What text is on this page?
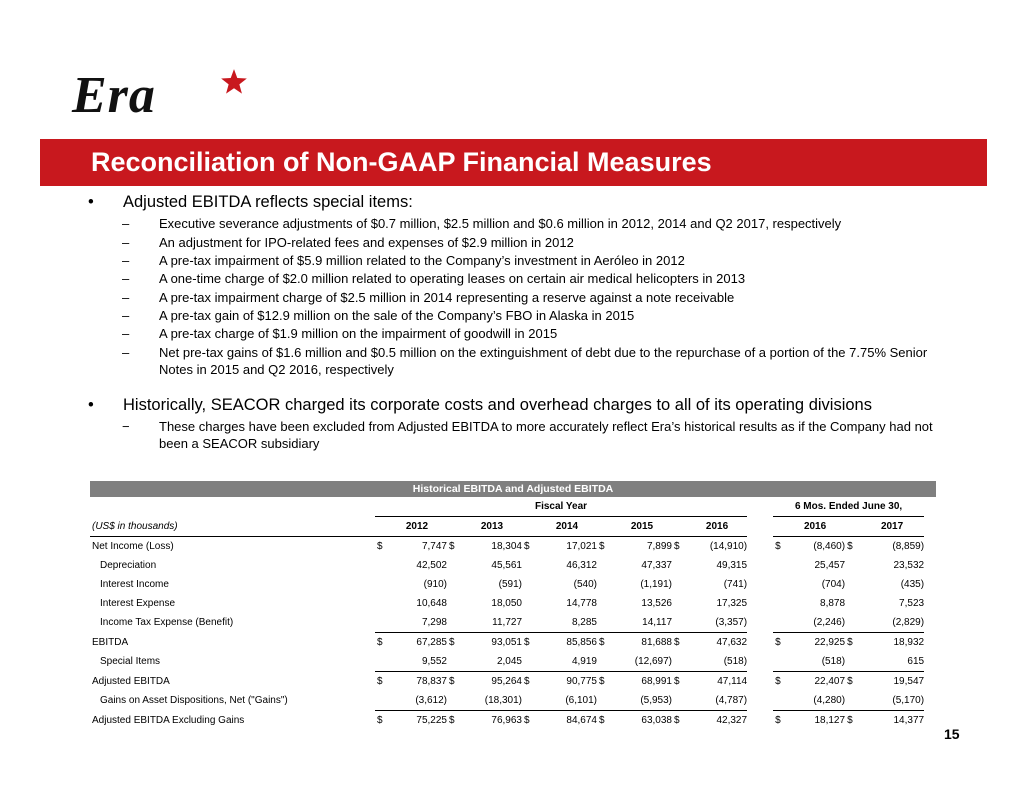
Era
Reconciliation of Non-GAAP Financial Measures
• Adjusted EBITDA reflects special items:
– Executive severance adjustments of $0.7 million, $2.5 million and $0.6 million in 2012, 2014 and Q2 2017, respectively
– An adjustment for IPO-related fees and expenses of $2.9 million in 2012
– A pre-tax impairment of $5.9 million related to the Company’s investment in Aeróleo in 2012
– A one-time charge of $2.0 million related to operating leases on certain air medical helicopters in 2013
– A pre-tax impairment charge of $2.5 million in 2014 representing a reserve against a note receivable
– A pre-tax gain of $12.9 million on the sale of the Company’s FBO in Alaska in 2015
– A pre-tax charge of $1.9 million on the impairment of goodwill in 2015
– Net pre-tax gains of $1.6 million and $0.5 million on the extinguishment of debt due to the repurchase of a portion of the 7.75% Senior Notes in 2015 and Q2 2016, respectively
• Historically, SEACOR charged its corporate costs and overhead charges to all of its operating divisions
− These charges have been excluded from Adjusted EBITDA to more accurately reflect Era’s historical results as if the Company had not been a SEACOR subsidiary
Historical EBITDA and Adjusted EBITDA
	Fiscal Year											6 Mos. Ended June 30,				
(US$ in thousands)		2012		2013		2014		2015		2016			2016		2017	
Net Income (Loss)	$	7,747	$	18,304	$	17,021	$	7,899	$	(14,910)		$	(8,460)	$	(8,859)	
Depreciation		42,502		45,561		46,312		47,337		49,315			25,457		23,532	
Interest Income		(910)		(591)		(540)		(1,191)		(741)			(704)		(435)	
Interest Expense		10,648		18,050		14,778		13,526		17,325			8,878		7,523	
Income Tax Expense (Benefit)		7,298		11,727		8,285		14,117		(3,357)			(2,246)		(2,829)	
EBITDA	$	67,285	$	93,051	$	85,856	$	81,688	$	47,632		$	22,925	$	18,932	
Special Items		9,552		2,045		4,919		(12,697)		(518)			(518)		615	
Adjusted EBITDA	$	78,837	$	95,264	$	90,775	$	68,991	$	47,114		$	22,407	$	19,547	
Gains on Asset Dispositions, Net ("Gains")		(3,612)		(18,301)		(6,101)		(5,953)		(4,787)			(4,280)		(5,170)	
Adjusted EBITDA Excluding Gains	$	75,225	$	76,963	$	84,674	$	63,038	$	42,327		$	18,127	$	14,377	
15
